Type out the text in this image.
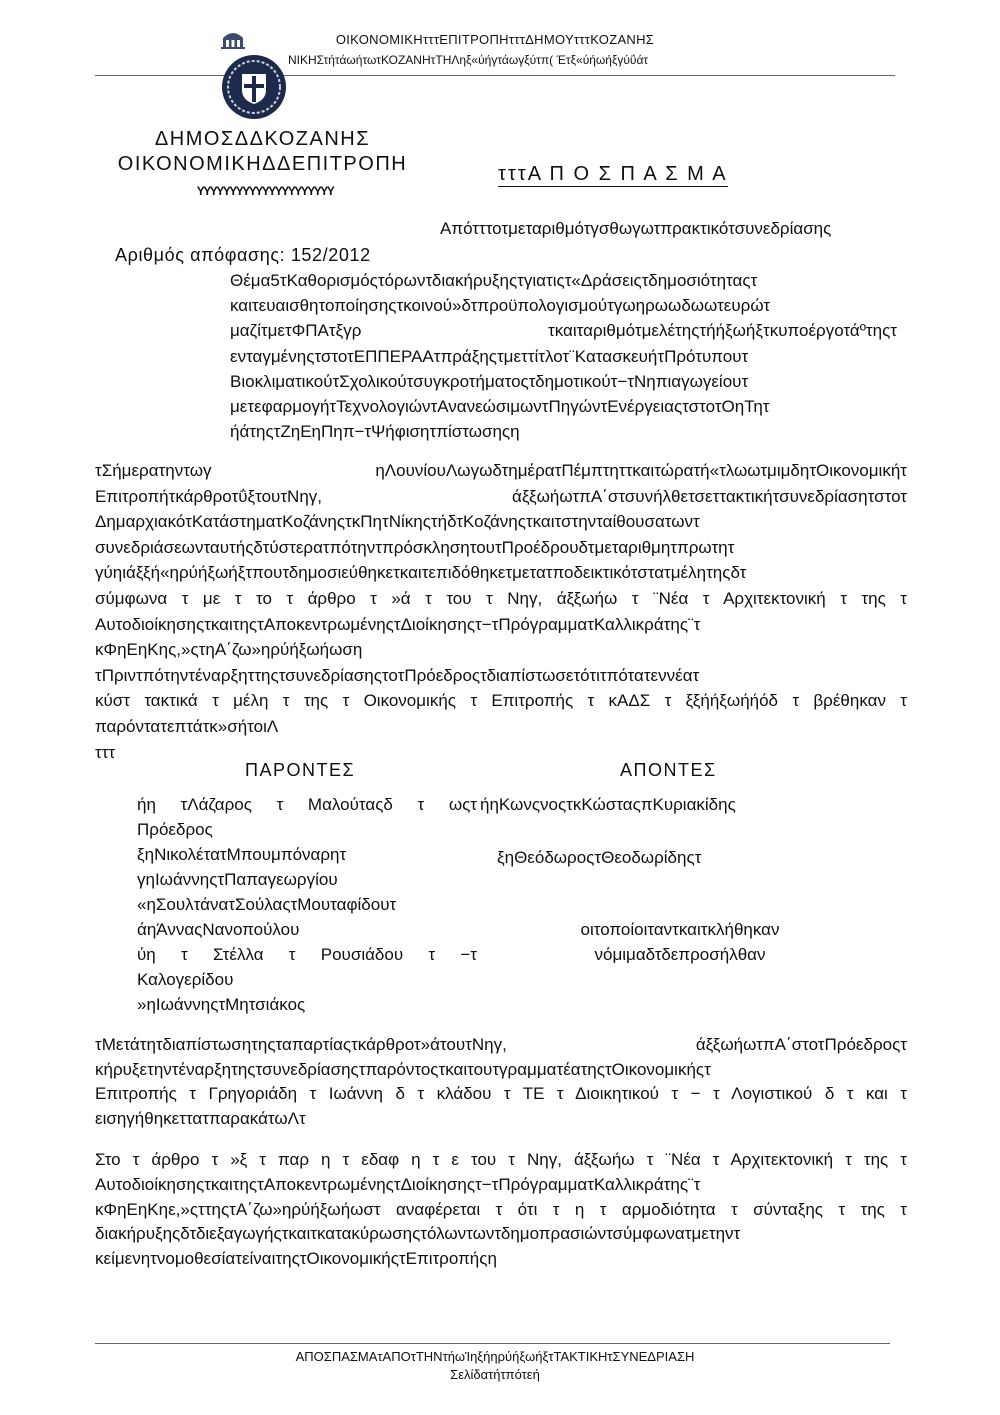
ΟΙΚΟΝΟΜΙΚΗτττΕΠΙΤΡΟΠΗτττΔΗΜΟΥτττΚΟΖΑΝΗΣ
ΝΙΚΗΣτήτάωήτωτΚΟΖΑΝΗτΤΗΛηξ«ύήγτάωγξύτπ( Έτξ«ύήωήξγύΰάτ
ΔΗΜΟΣΔΔΚΟΖΑΝΗΣ
ΟΙΚΟΝΟΜΙΚΗΔΔΕΠΙΤΡΟΠΗ
YYYYYYYYYYYYYYYYYYYYY
τττΑ Π Ο Σ Π Α Σ Μ Α
Απότττοτμεταριθμότγσθωγωτπρακτικότσυνεδρίασης
Αριθμός απόφασης: 152/2012
Θέμα5τΚαθορισμόςτόρωντδιακήρυξηςτγιατιςτ«Δράσειςτδημοσιότηταςτ
καιτευαισθητοποίησηςτκοινού»δτπροϋπολογισμούτγωηρωωδωωτευρώτ
μαζίτμετΦΠΑτξγρ τκαιταριθμότμελέτηςτήήξωήξτκυποέργοτάºτηςτ
ενταγμένηςτστοτΕΠΠΕΡΑΑτπράξηςτμεττίτλοτ¨ΚατασκευήτΠρότυπουτ
ΒιοκλιματικούτΣχολικούτσυγκροτήματοςτδημοτικούτ−τΝηπιαγωγείουτ
μετεφαρμογήτΤεχνολογιώντΑνανεώσιμωντΠηγώντΕνέργειαςτστοτΟηΤητ
ήάτηςτΖηΕηΠηπ−τΨήφισητπίστωσηςη
τΣήμερατηντωγ ηΛουνίουΛωγωδτημέρατΠέμπτηττκαιτώρατή«τλωωτμιμδητΟικονομικήτ
ΕπιτροπήτκάρθροτΰξτουτΝηγ, άξξωήωτπΑ΄στσυνήλθετσεττακτικήτσυνεδρίασητστοτ
ΔημαρχιακότΚατάστηματΚοζάνηςτκΠητΝίκηςτήδτΚοζάνηςτκαιτστηνταίθουσατωντ
συνεδριάσεωνταυτήςδτύστερατπότηντπρόσκλησητουτΠροέδρουδτμεταριθμητπρωτητ
γύηιάξξή«ηρύήξωήξτπουτδημοσιεύθηκετκαιτεπιδόθηκετμετατποδεικτικότστατμέλητηςδτ
σύμφωνα τ με τ το τ άρθρο τ »ά τ του τ Νηγ, άξξωήω τ ¨Νέα τ Αρχιτεκτονική τ της τ
ΑυτοδιοίκησηςτκαιτηςτΑποκεντρωμένηςτΔιοίκησηςτ−τΠρόγραμματΚαλλικράτης¨τ
κΦηΕηΚης,»ςτηΑ΄ζω»ηρύήξωήωση
τΠριντπότηντέναρξηττηςτσυνεδρίασηςτοτΠρόεδροςτδιαπίστωσετότιτπότατεννέατ
κύστ τακτικά τ μέλη τ της τ Οικονομικής τ Επιτροπής τ κΑΔΣ τ ξξήήξωήήόδ τ βρέθηκαν τ
παρόντατεπτάτκ»σήτοιΛ
τττ
ΠΑΡΟΝΤΕΣ	ΑΠΟΝΤΕΣ
ήη τΛάζαρος τ Μαλούταςδ τ ωςτ
Πρόεδρος
ξηΝικολέτατΜπουμπόναρητ
γηΙωάννηςτΠαπαγεωργίου
«ηΣουλτάνατΣούλαςτΜουταφίδουτ
άηΆνναςΝανοπούλου
ύη τ Στέλλα τ Ρουσιάδου τ −τ
Καλογερίδου
»ηΙωάννηςτΜητσιάκος
ήηΚωνςνοςτκΚώσταςπΚυριακίδης
ξηΘεόδωροςτΘεοδωρίδηςτ
οιτοποίοιταντκαιτκλήθηκαν
νόμιμαδτδεπροσήλθαν
τΜετάτητδιαπίστωσητηςταπαρτίαςτκάρθροτ»άτουτΝηγ, άξξωήωτπΑ΄στοτΠρόεδροςτ
κήρυξετηντέναρξητηςτσυνεδρίασηςτπαρόντοςτκαιτουτγραμματέατηςτΟικονομικήςτ
Επιτροπής τ Γρηγοριάδη τ Ιωάννη δ τ κλάδου τ ΤΕ τ Διοικητικού τ − τ Λογιστικού δ τ και τ
εισηγήθηκεττατπαρακάτωΛτ
Στο τ άρθρο τ »ξ τ παρ η τ εδαφ η τ ε του τ Νηγ, άξξωήω τ ¨Νέα τ Αρχιτεκτονική τ της τ
ΑυτοδιοίκησηςτκαιτηςτΑποκεντρωμένηςτΔιοίκησηςτ−τΠρόγραμματΚαλλικράτης¨τ
κΦηΕηΚηε,»ςττηςτΑ΄ζω»ηρύήξωήωστ αναφέρεται τ ότι τ η τ αρμοδιότητα τ σύνταξης τ της τ
διακήρυξηςδτδιεξαγωγήςτκαιτκατακύρωσηςτόλωντωντδημοπρασιώντσύμφωνατμετηντ
κείμενητνομοθεσίατείναιτηςτΟικονομικήςτΕπιτροπήςη
ΑΠΟΣΠΑΣΜΑτΑΠΟτΤΗΝτήωΊηξήηρύήξωήξτΤΑΚΤΙΚΗτΣΥΝΕΔΡΙΑΣΗ
Σελίδατήτπότεή
